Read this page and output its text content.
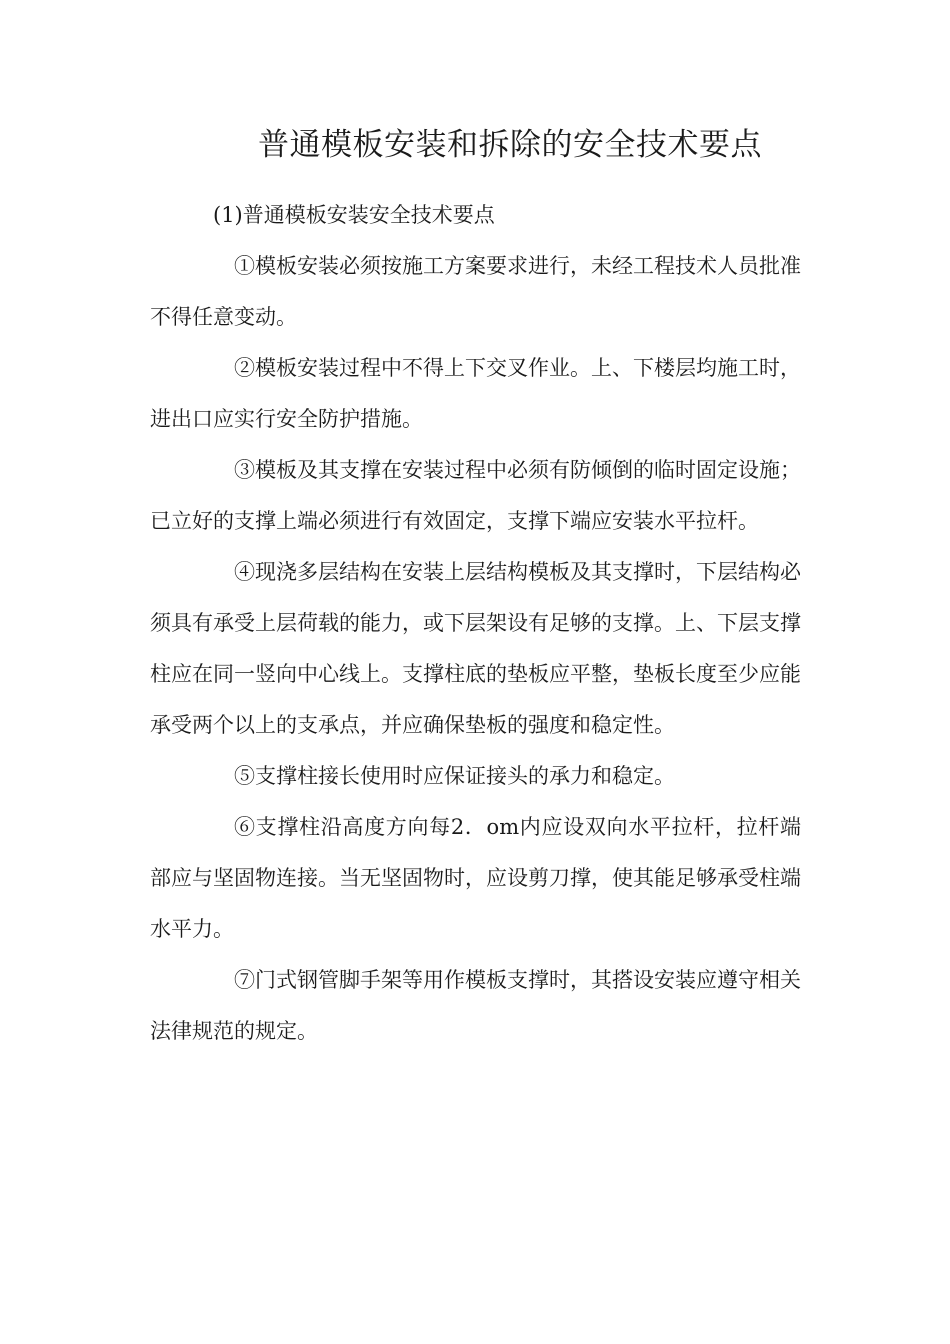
普通模板安装和拆除的安全技术要点

(1)普通模板安装安全技术要点

①模板安装必须按施工方案要求进行，未经工程技术人员批准不得任意变动。

②模板安装过程中不得上下交叉作业。上、下楼层均施工时，进出口应实行安全防护措施。

③模板及其支撑在安装过程中必须有防倾倒的临时固定设施；已立好的支撑上端必须进行有效固定，支撑下端应安装水平拉杆。

④现浇多层结构在安装上层结构模板及其支撑时，下层结构必须具有承受上层荷载的能力，或下层架设有足够的支撑。上、下层支撑柱应在同一竖向中心线上。支撑柱底的垫板应平整，垫板长度至少应能承受两个以上的支承点，并应确保垫板的强度和稳定性。

⑤支撑柱接长使用时应保证接头的承力和稳定。

⑥支撑柱沿高度方向每2．om内应设双向水平拉杆，拉杆端部应与坚固物连接。当无坚固物时，应设剪刀撑，使其能足够承受柱端水平力。

⑦门式钢管脚手架等用作模板支撑时，其搭设安装应遵守相关法律规范的规定。
